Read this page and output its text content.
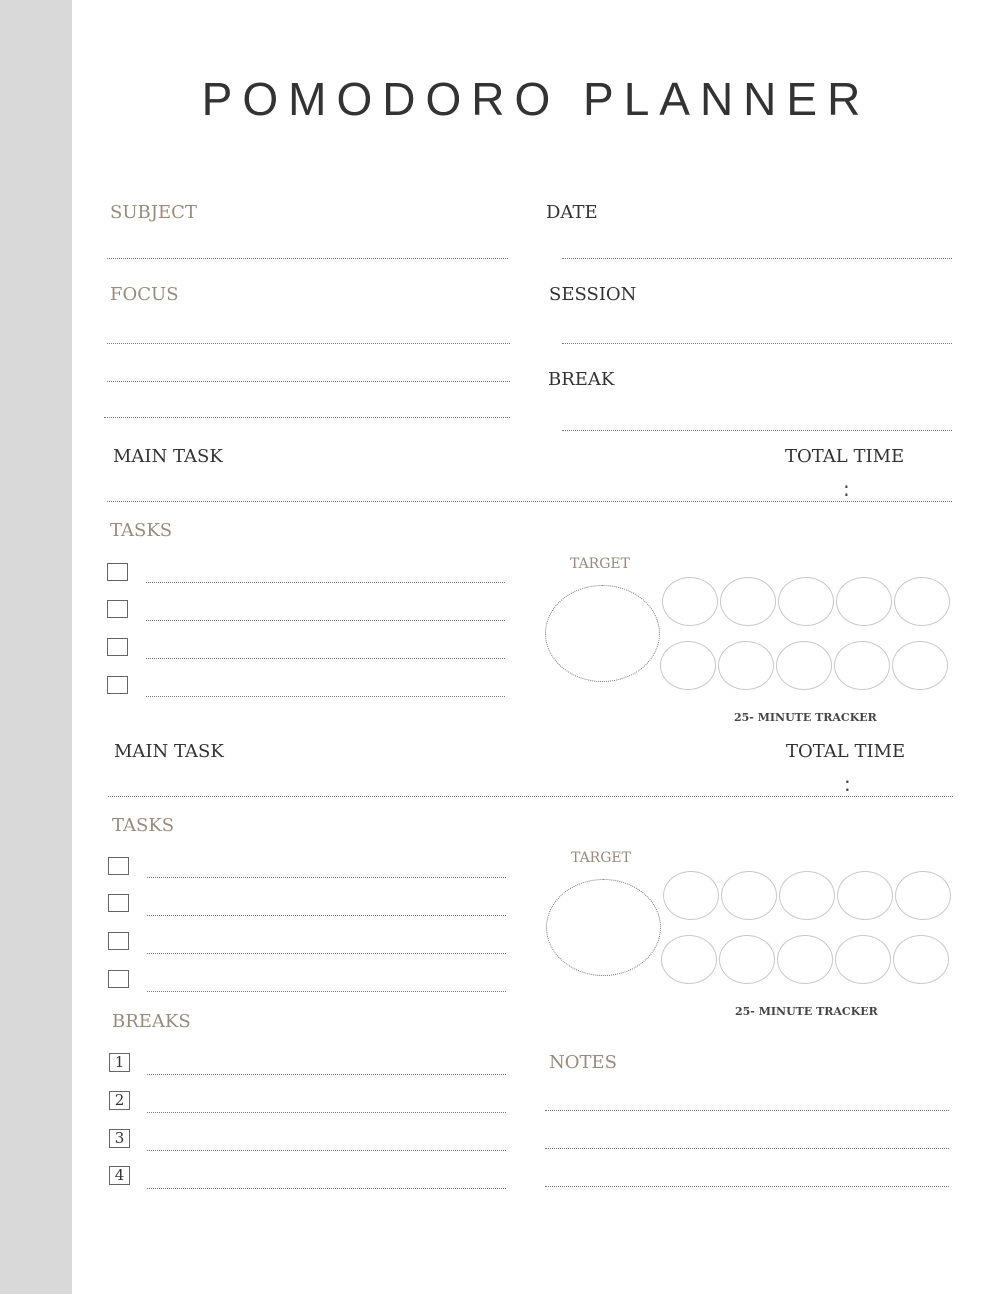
POMODORO PLANNER
SUBJECT	DATE
FOCUS	SESSION
BREAK
MAIN TASK	TOTAL TIME
:
TASKS
TARGET
25- MINUTE TRACKER
MAIN TASK	TOTAL TIME
:
TASKS
TARGET
25- MINUTE TRACKER
BREAKS
1
2
3
4
NOTES
